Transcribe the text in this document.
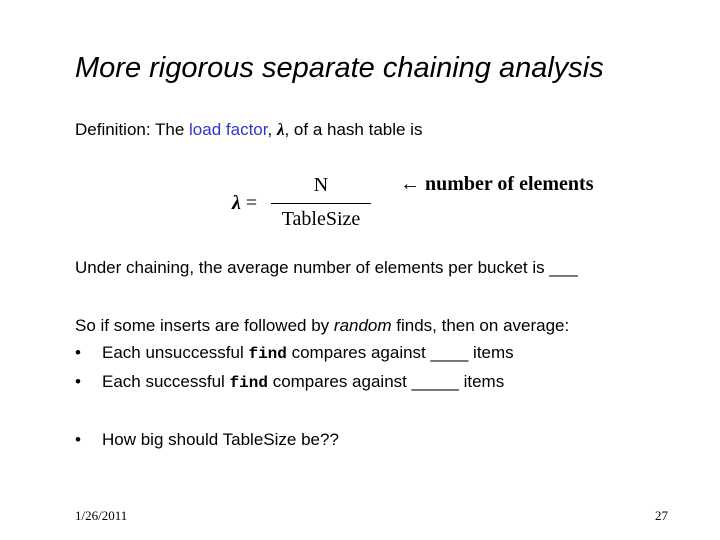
More rigorous separate chaining analysis
Definition: The load factor, λ, of a hash table is
λ =
N
TableSize
← number of elements
Under chaining, the average number of elements per bucket is ___
So if some inserts are followed by random finds, then on average:
• Each unsuccessful find compares against ____ items
• Each successful find compares against _____ items
• How big should TableSize be??
1/26/2011	27
